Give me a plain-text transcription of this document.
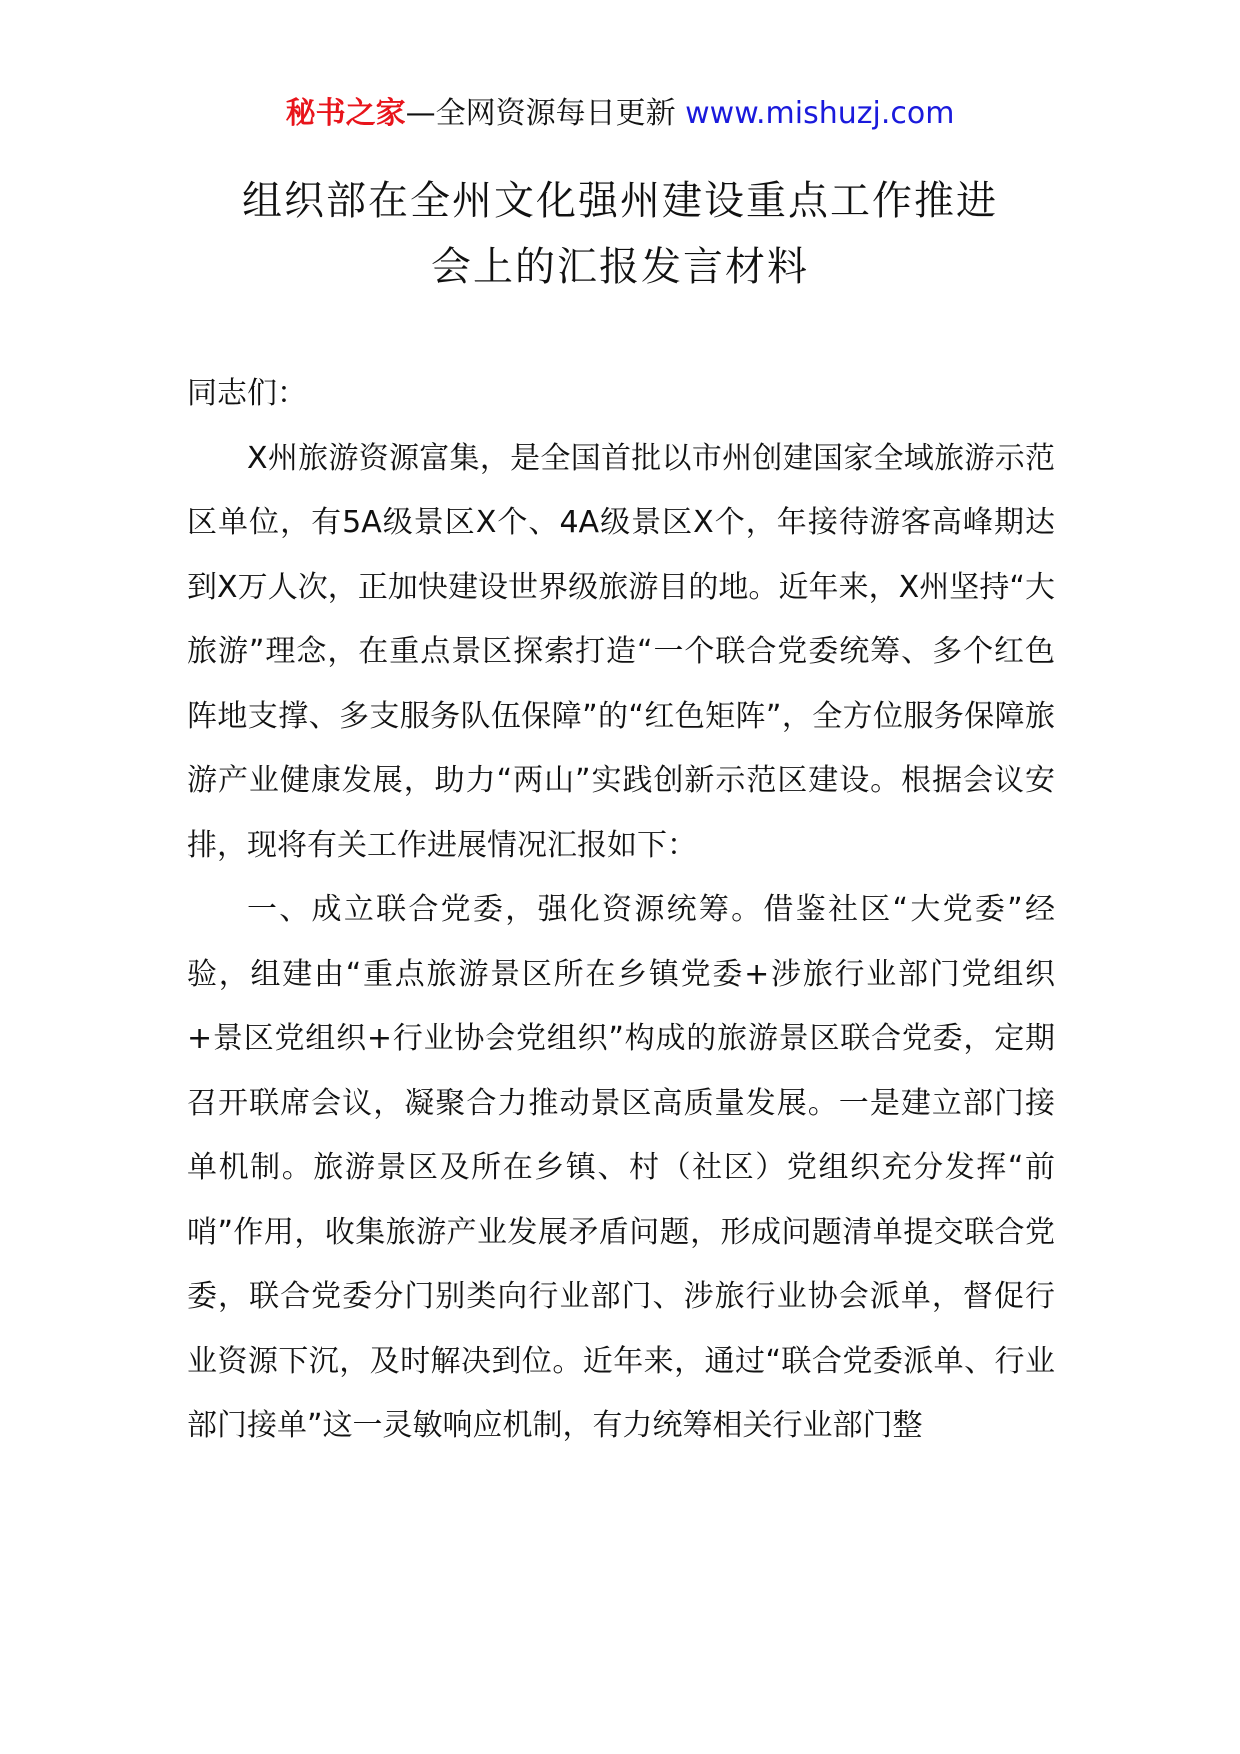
秘书之家—全网资源每日更新 www.mishuzj.com
组织部在全州文化强州建设重点工作推进
会上的汇报发言材料

同志们：

X州旅游资源富集，是全国首批以市州创建国家全域旅游示范区单位，有5A级景区X个、4A级景区X个，年接待游客高峰期达到X万人次，正加快建设世界级旅游目的地。近年来，X州坚持“大旅游”理念，在重点景区探索打造“一个联合党委统筹、多个红色阵地支撑、多支服务队伍保障”的“红色矩阵”，全方位服务保障旅游产业健康发展，助力“两山”实践创新示范区建设。根据会议安排，现将有关工作进展情况汇报如下：

一、成立联合党委，强化资源统筹。借鉴社区“大党委”经验，组建由“重点旅游景区所在乡镇党委+涉旅行业部门党组织+景区党组织+行业协会党组织”构成的旅游景区联合党委，定期召开联席会议，凝聚合力推动景区高质量发展。一是建立部门接单机制。旅游景区及所在乡镇、村（社区）党组织充分发挥“前哨”作用，收集旅游产业发展矛盾问题，形成问题清单提交联合党委，联合党委分门别类向行业部门、涉旅行业协会派单，督促行业资源下沉，及时解决到位。近年来，通过“联合党委派单、行业部门接单”这一灵敏响应机制，有力统筹相关行业部门整
